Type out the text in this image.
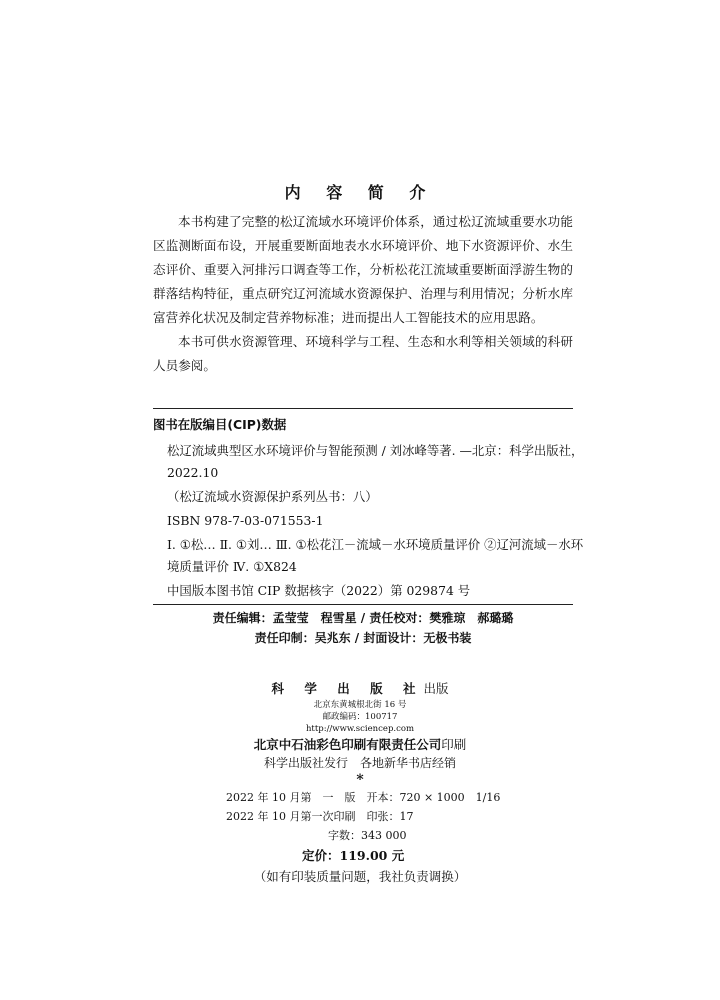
内 容 简 介
本书构建了完整的松辽流域水环境评价体系，通过松辽流域重要水功能区监测断面布设，开展重要断面地表水水环境评价、地下水资源评价、水生态评价、重要入河排污口调查等工作，分析松花江流域重要断面浮游生物的群落结构特征，重点研究辽河流域水资源保护、治理与利用情况；分析水库富营养化状况及制定营养物标准；进而提出人工智能技术的应用思路。
本书可供水资源管理、环境科学与工程、生态和水利等相关领域的科研人员参阅。
图书在版编目(CIP)数据
松辽流域典型区水环境评价与智能预测 / 刘冰峰等著. —北京：科学出版社，2022.10
（松辽流域水资源保护系列丛书：八）
ISBN 978-7-03-071553-1
Ⅰ. ①松… Ⅱ. ①刘… Ⅲ. ①松花江－流域－水环境质量评价 ②辽河流域－水环境质量评价 Ⅳ. ①X824
中国版本图书馆 CIP 数据核字（2022）第 029874 号
责任编辑：孟莹莹　程雪星 / 责任校对：樊雅琼　郝璐璐
责任印制：吴兆东 / 封面设计：无极书装
科 学 出 版 社出版
北京东黄城根北街 16 号
邮政编码：100717
http://www.sciencep.com
北京中石油彩色印刷有限责任公司印刷
科学出版社发行　各地新华书店经销
*
2022 年 10 月第　一　版　开本：720 × 1000　1/16
2022 年 10 月第一次印刷　印张：17
字数：343 000
定价：119.00 元
（如有印装质量问题，我社负责调换）
